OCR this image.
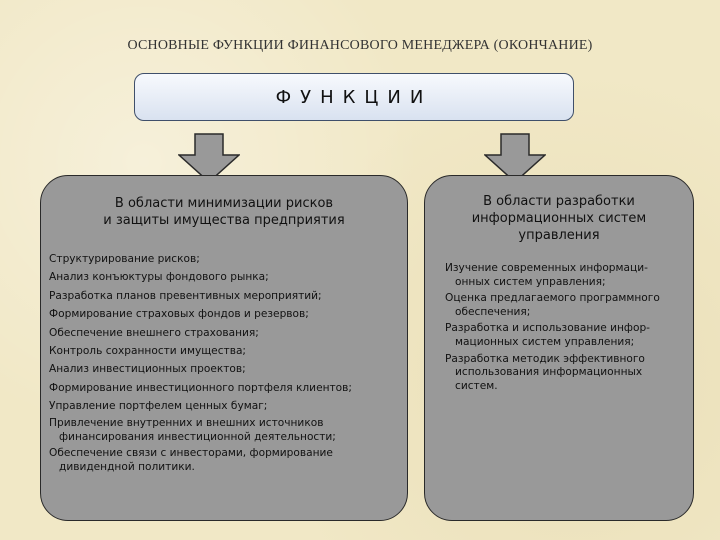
ОСНОВНЫЕ ФУНКЦИИ ФИНАНСОВОГО МЕНЕДЖЕРА (ОКОНЧАНИЕ)
ФУНКЦИИ
В области минимизации рисков
и защиты имущества предприятия
Структурирование рисков;
Анализ конъюктуры фондового рынка;
Разработка планов превентивных мероприятий;
Формирование страховых фондов и резервов;
Обеспечение внешнего страхования;
Контроль сохранности имущества;
Анализ инвестиционных проектов;
Формирование инвестиционного портфеля клиентов;
Управление портфелем ценных бумаг;
Привлечение внутренних и внешних источников
финансирования инвестиционной деятельности;
Обеспечение связи с инвесторами, формирование
дивидендной политики.
В области разработки
информационных систем
управления
Изучение современных информаци-
онных систем управления;
Оценка предлагаемого программного
обеспечения;
Разработка и использование инфор-
мационных систем управления;
Разработка методик эффективного
использования информационных
систем.
